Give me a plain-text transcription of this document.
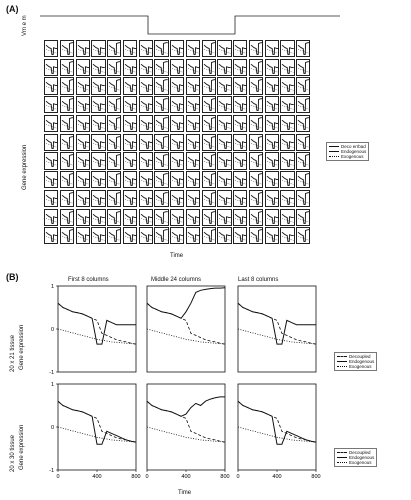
(A)
Vm e m
Gene expression
Time
Deco errbad
Endogenous
Exogenous
(B)	First 8 columns	Middle 24 columns	Last 8 columns
20 x 21 tissue Gene expression
20 x 30 tissue Gene expression
1
0
-1
1
0
-1
0	400	800 0	400	800 0	400	800
Time
Decoupled
Endogenous
Exogenous
Decoupled
Endogenous
Exogenous
